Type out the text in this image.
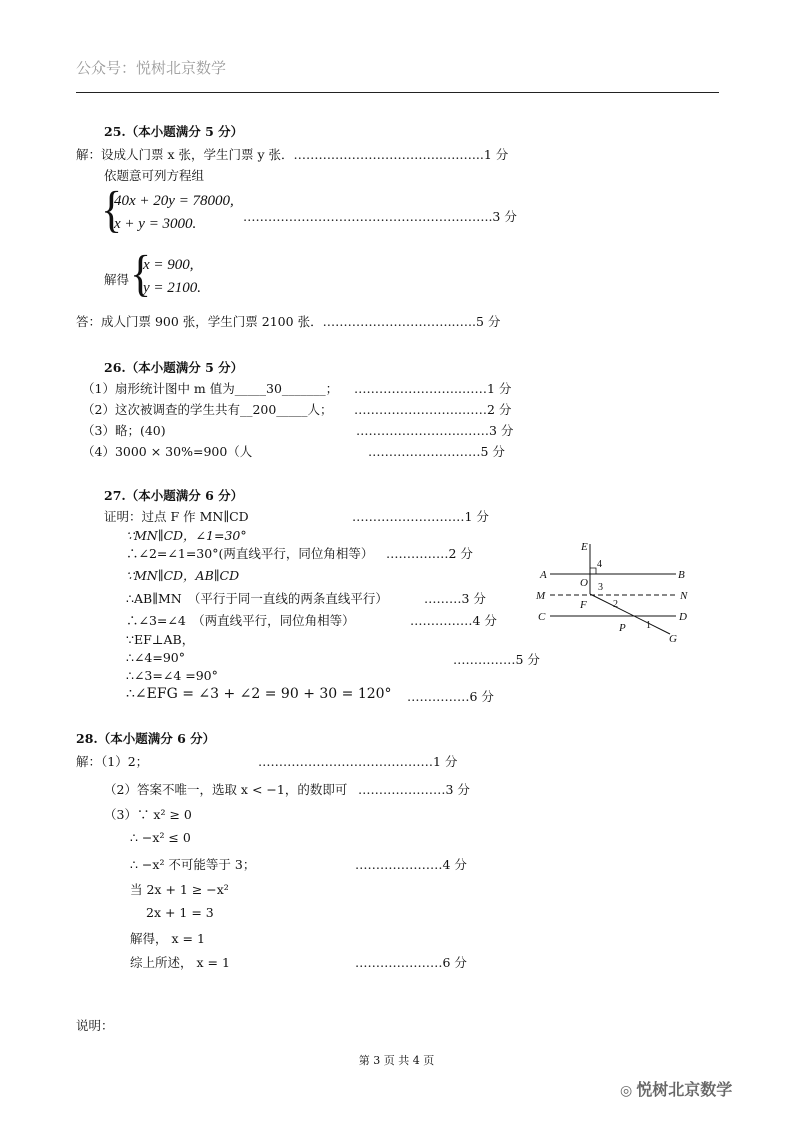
公众号：悦树北京数学
25.（本小题满分 5 分）
解：设成人门票 x 张，学生门票 y 张．……….……………………..….…...1 分
依题意可列方程组
{
40x + 20y = 78000,
x + y = 3000.	…………………………………………….……..3 分
解得 {
x = 900,
y = 2100.
答：成人门票 900 张，学生门票 2100 张．…………………………..…..5 分
26.（本小题满分 5 分）
（1）扇形统计图中 m 值为_____30_______； ……………………..……1 分
（2）这次被调查的学生共有__200_____人； ……………………..……2 分
（3）略；(40)	……………………..……3 分
（4）3000 × 30%=900（人	………………………5 分
27.（本小题满分 6 分）
证明：过点 F 作 MN∥CD	………………………1 分
∵MN∥CD，∠1=30°
∴∠2=∠1=30°(两直线平行，同位角相等） ……………2 分
∵MN∥CD，AB∥CD
∴AB∥MN　（平行于同一直线的两条直线平行）	………3 分
∴∠3=∠4　（两直线平行，同位角相等）	……………4 分
∵EF⊥AB，
∴∠4=90°	……………5 分
∴∠3=∠4 =90°
∴∠EFG = ∠3 + ∠2 = 90 + 30 = 120° ……………6 分
E
4
A	B
O 3
M	N
F	2
C	D
1
P
G
28.（本小题满分 6 分）
解：（1）2；	……………………………………1 分
（2）答案不唯一，选取 x < −1，的数即可 …………………3 分
（3）∵ x² ≥ 0
∴ −x² ≤ 0
∴ −x² 不可能等于 3；	…………………4 分
当 2x + 1 ≥ −x²
2x + 1 = 3
解得， x = 1
综上所述， x = 1	…………………6 分
说明：
第 3 页 共 4 页
◎ 悦树北京数学
